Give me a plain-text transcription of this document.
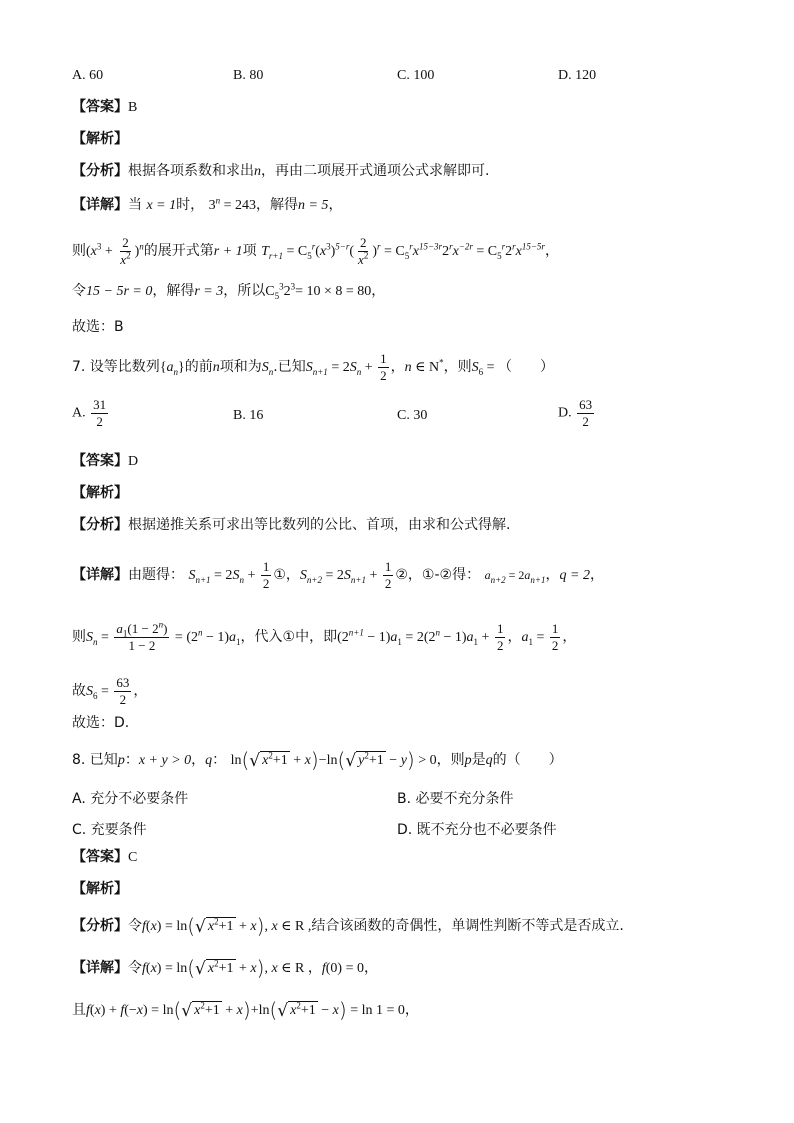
A. 60	B. 80	C. 100	D. 120
【答案】B
【解析】
【分析】根据各项系数和求出n，再由二项展开式通项公式求解即可.
【详解】当 x = 1时， $3^n = 243$，解得n = 5，
则$(x^3 + \frac{2}{x^2} )^n$的展开式第r + 1项 $T_{r+1} = C_5^r(x^3)^{5-r}( \frac{2}{x^2} )^r = C_5^rx^{15-3r}2^rx^{-2r} = C_5^r2^rx^{15-5r}$，
令15 − 5r = 0，解得r = 3，所以$C_5^32^3= 10 \times 8 = 80$，
故选：B
7. 设等比数列$\{a_n\}$的前n项和为$S_n$.已知$S_{n+1} = 2S_n + \frac{1}{2}$ ，n ∈ N*，则$S_6$ = （　　）
A. $\frac{31}{2}$	B. 16	C. 30	D. $\frac{63}{2}$
【答案】D
【解析】
【分析】根据递推关系可求出等比数列的公比、首项，由求和公式得解.
【详解】由题得： $S_{n+1} = 2S_n + \frac{1}{2}$ ①，$S_{n+2} = 2S_{n+1} + \frac{1}{2}$ ②，①-②得： $a_{n+2} = 2a_{n+1}$，q = 2，
则$S_n = \frac{a_1(1 - 2^n)}{1 - 2} = (2^n - 1)a_1$，代入①中，即$(2^{n+1} - 1)a_1 = 2(2^n - 1)a_1 + \frac{1}{2}$ ，$a_1 = \frac{1}{2}$ ，
故$S_6 = \frac{63}{2}$ ，
故选：D.
8. 已知p：x + y > 0，q： ln(√ $x^2+1 + x)-\ln(√$ $y^2+1 - y) > 0$，则p是q的（　　）
A. 充分不必要条件	B. 必要不充分条件
C. 充要条件	D. 既不充分也不必要条件
【答案】C
【解析】
【分析】令f(x) = ln(√ $x^2+1 + x$), x ∈ R ,结合该函数的奇偶性，单调性判断不等式是否成立.
【详解】令f(x) = ln(√ $x^2+1 + x$), x ∈ R ，f(0) = 0，
且f(x) + f(−x) = ln(√ $x^2+1 + x)+\ln(√$ $x^2+1 - x) = \ln 1 = 0$，
